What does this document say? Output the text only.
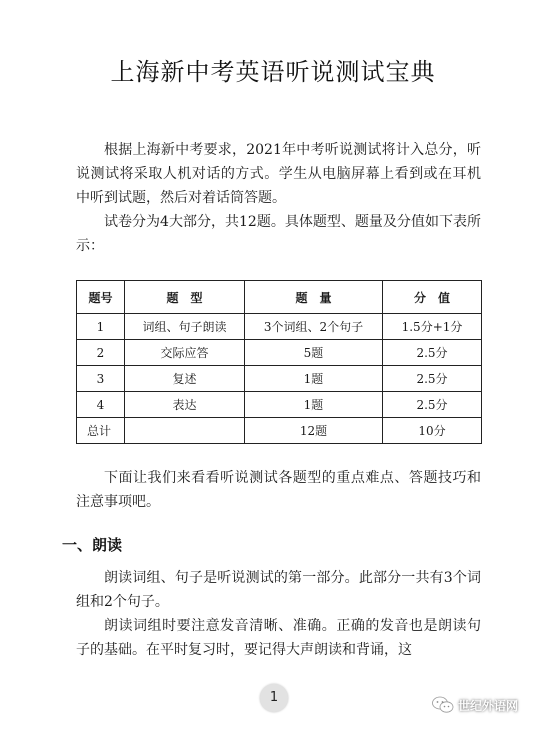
上海新中考英语听说测试宝典

根据上海新中考要求，2021年中考听说测试将计入总分，听说测试将采取人机对话的方式。学生从电脑屏幕上看到或在耳机中听到试题，然后对着话筒答题。

试卷分为4大部分，共12题。具体题型、题量及分值如下表所示：

题号	题　型	题　量	分　值
1	词组、句子朗读	3个词组、2个句子	1.5分+1分
2	交际应答	5题	2.5分
3	复述	1题	2.5分
4	表达	1题	2.5分
总计		12题	10分

下面让我们来看看听说测试各题型的重点难点、答题技巧和注意事项吧。

一、朗读

朗读词组、句子是听说测试的第一部分。此部分一共有3个词组和2个句子。

朗读词组时要注意发音清晰、准确。正确的发音也是朗读句子的基础。在平时复习时，要记得大声朗读和背诵，这

1
世纪外语网
